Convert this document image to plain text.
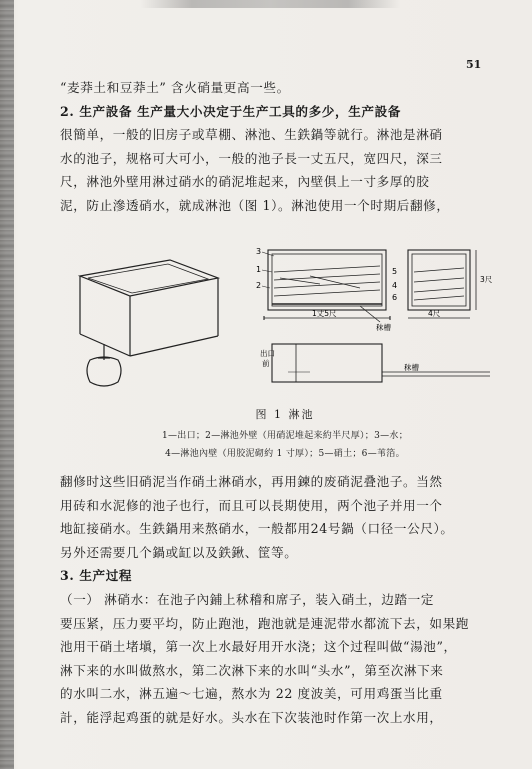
51
“麦莽土和豆莽土” 含火硝量更高一些。
2. 生产設备 生产量大小决定于生产工具的多少，生产設备
很簡单，一般的旧房子或草棚、淋池、生鉄鍋等就行。淋池是淋硝
水的池子，规格可大可小，一般的池子長一丈五尺，宽四尺，深三
尺，淋池外壁用淋过硝水的硝泥堆起来，內壁俱上一寸多厚的胶
泥，防止滲透硝水，就成淋池（图 1）。淋池使用一个时期后翻修，
3
1
2
5
4
6
1丈5尺
秣槽
4尺
3尺
出口
前	秣槽
图 1 淋池
1—出口；2—淋池外壁（用硝泥堆起来約半尺厚）；3—水；
4—淋池內壁（用胶泥砌約 1 寸厚）；5—硝土；6—苇箔。
翻修时这些旧硝泥当作硝土淋硝水，再用鍊的废硝泥叠池子。当然
用砖和水泥修的池子也行，而且可以長期使用，两个池子并用一个
地缸接硝水。生鉄鍋用来熬硝水，一般都用24号鍋（口径一公尺）。
另外还需要几个鍋或缸以及鉄鍬、筐等。
3. 生产过程
（一） 淋硝水：在池子內鋪上秫稽和席子，装入硝土，边踏一定
要压紧，压力要平均，防止跑池，跑池就是連泥带水都流下去，如果跑
池用干硝土堵塡，第一次上水最好用开水浇；这个过程叫做“湯池”，
淋下来的水叫做熬水，第二次淋下来的水叫“头水”，第至次淋下来
的水叫二水，淋五遍～七遍，熬水为 22 度波美，可用鸡蛋当比重
計，能浮起鸡蛋的就是好水。头水在下次装池时作第一次上水用，
